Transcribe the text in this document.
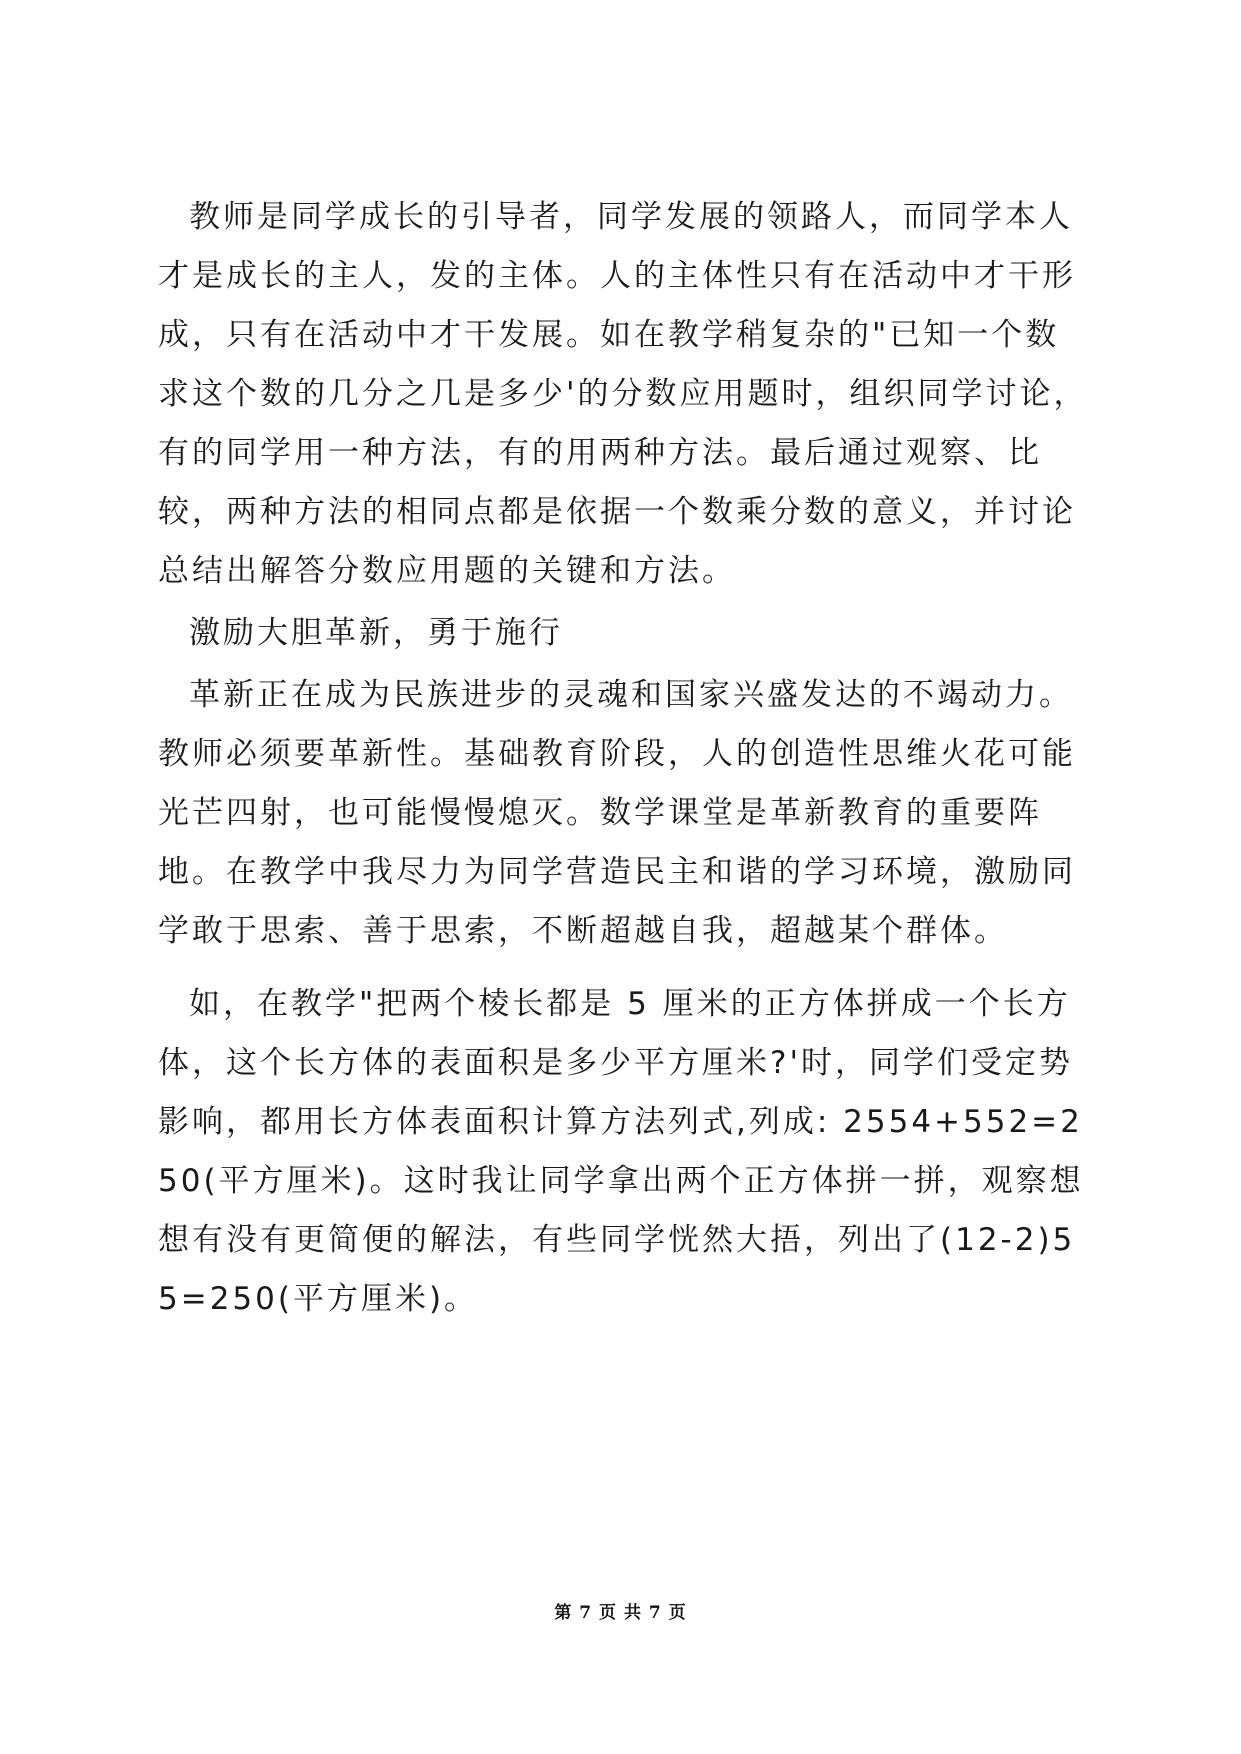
教师是同学成长的引导者，同学发展的领路人，而同学本人才是成长的主人，发的主体。人的主体性只有在活动中才干形成，只有在活动中才干发展。如在教学稍复杂的"已知一个数求这个数的几分之几是多少'的分数应用题时，组织同学讨论，有的同学用一种方法，有的用两种方法。最后通过观察、比较，两种方法的相同点都是依据一个数乘分数的意义，并讨论总结出解答分数应用题的关键和方法。

激励大胆革新，勇于施行

革新正在成为民族进步的灵魂和国家兴盛发达的不竭动力。教师必须要革新性。基础教育阶段，人的创造性思维火花可能光芒四射，也可能慢慢熄灭。数学课堂是革新教育的重要阵地。在教学中我尽力为同学营造民主和谐的学习环境，激励同学敢于思索、善于思索，不断超越自我，超越某个群体。

如，在教学"把两个棱长都是 5 厘米的正方体拼成一个长方体，这个长方体的表面积是多少平方厘米?'时，同学们受定势影响，都用长方体表面积计算方法列式,列成: 2554+552=250(平方厘米)。这时我让同学拿出两个正方体拼一拼，观察想想有没有更简便的解法，有些同学恍然大捂，列出了(12-2)55=250(平方厘米)。

第 7 页 共 7 页
